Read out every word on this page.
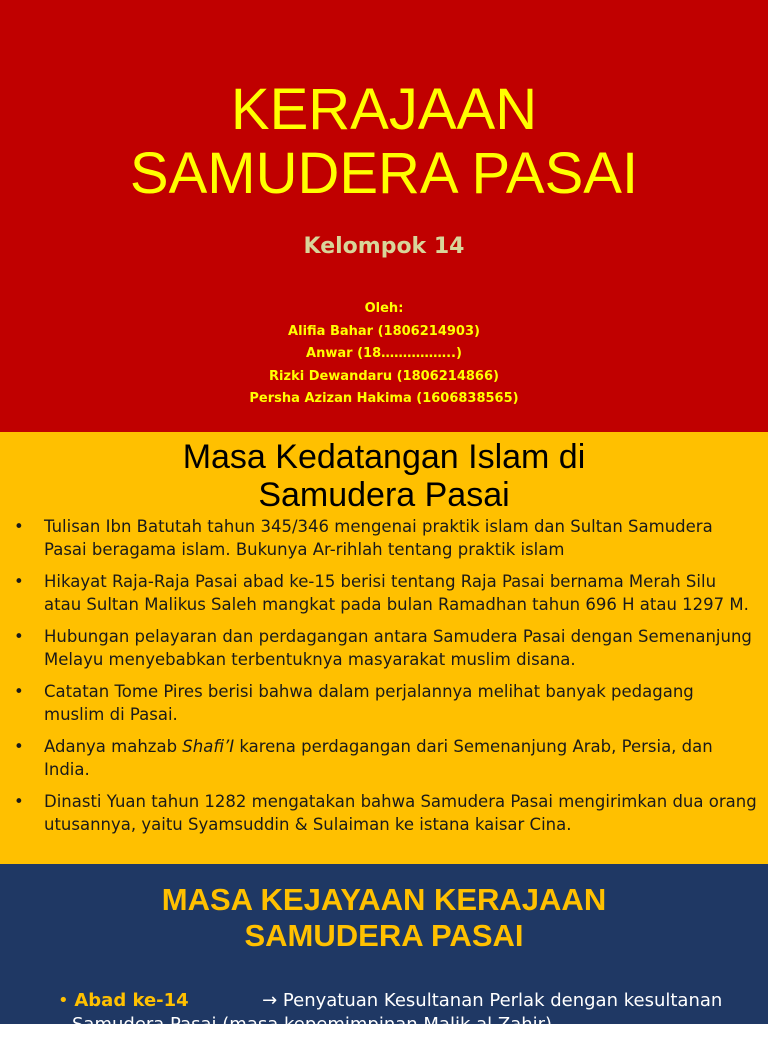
KERAJAAN
SAMUDERA PASAI
Kelompok 14
Oleh:
Alifia Bahar (1806214903)
Anwar (18……………..)
Rizki Dewandaru (1806214866)
Persha Azizan Hakima (1606838565)
Masa Kedatangan Islam di
Samudera Pasai
• Tulisan Ibn Batutah tahun 345/346 mengenai praktik islam dan Sultan Samudera Pasai beragama islam. Bukunya Ar-rihlah tentang praktik islam
• Hikayat Raja-Raja Pasai abad ke-15 berisi tentang Raja Pasai bernama Merah Silu atau Sultan Malikus Saleh mangkat pada bulan Ramadhan tahun 696 H atau 1297 M.
• Hubungan pelayaran dan perdagangan antara Samudera Pasai dengan Semenanjung Melayu menyebabkan terbentuknya masyarakat muslim disana.
• Catatan Tome Pires berisi bahwa dalam perjalannya melihat banyak pedagang muslim di Pasai.
• Adanya mahzab Shafi’I karena perdagangan dari Semenanjung Arab, Persia, dan India.
• Dinasti Yuan tahun 1282 mengatakan bahwa Samudera Pasai mengirimkan dua orang utusannya, yaitu Syamsuddin & Sulaiman ke istana kaisar Cina.
MASA KEJAYAAN KERAJAAN
SAMUDERA PASAI
• Abad ke-14	→ Penyatuan Kesultanan Perlak dengan kesultanan
Samudera Pasai (masa kepemimpinan Malik al Zahir)
